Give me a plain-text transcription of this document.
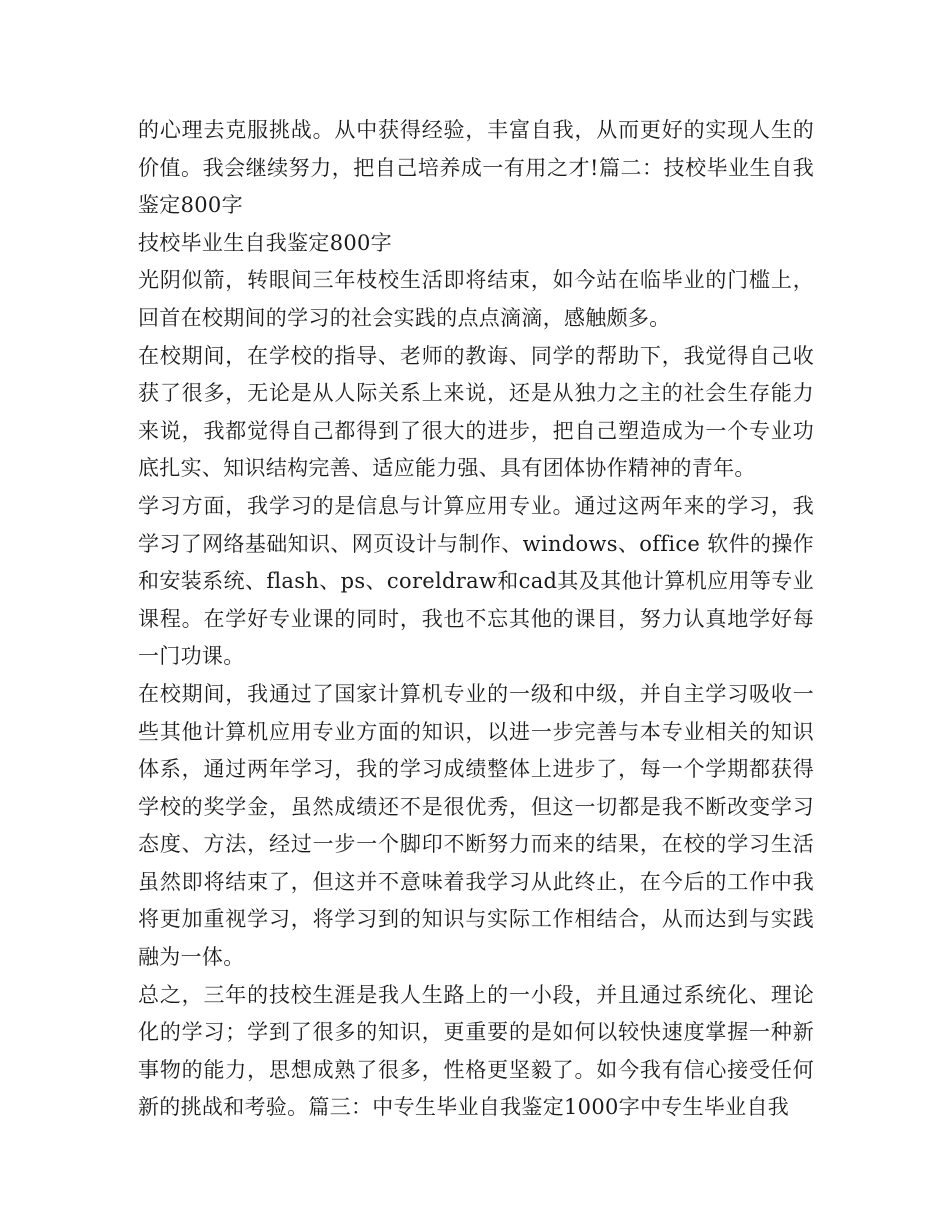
的心理去克服挑战。从中获得经验，丰富自我，从而更好的实现人生的价值。我会继续努力，把自己培养成一有用之才!篇二：技校毕业生自我鉴定800字

技校毕业生自我鉴定800字

光阴似箭，转眼间三年枝校生活即将结束，如今站在临毕业的门槛上，回首在校期间的学习的社会实践的点点滴滴，感触颇多。

在校期间，在学校的指导、老师的教诲、同学的帮助下，我觉得自己收获了很多，无论是从人际关系上来说，还是从独力之主的社会生存能力来说，我都觉得自己都得到了很大的进步，把自己塑造成为一个专业功底扎实、知识结构完善、适应能力强、具有团体协作精神的青年。

学习方面，我学习的是信息与计算应用专业。通过这两年来的学习，我学习了网络基础知识、网页设计与制作、windows、office 软件的操作和安装系统、flash、ps、coreldraw和cad其及其他计算机应用等专业课程。在学好专业课的同时，我也不忘其他的课目，努力认真地学好每一门功课。

在校期间，我通过了国家计算机专业的一级和中级，并自主学习吸收一些其他计算机应用专业方面的知识，以进一步完善与本专业相关的知识体系，通过两年学习，我的学习成绩整体上进步了，每一个学期都获得学校的奖学金，虽然成绩还不是很优秀，但这一切都是我不断改变学习态度、方法，经过一步一个脚印不断努力而来的结果，在校的学习生活虽然即将结束了，但这并不意味着我学习从此终止，在今后的工作中我将更加重视学习，将学习到的知识与实际工作相结合，从而达到与实践融为一体。

总之，三年的技校生涯是我人生路上的一小段，并且通过系统化、理论化的学习；学到了很多的知识，更重要的是如何以较快速度掌握一种新事物的能力，思想成熟了很多，性格更坚毅了。如今我有信心接受任何新的挑战和考验。篇三：中专生毕业自我鉴定1000字中专生毕业自我
